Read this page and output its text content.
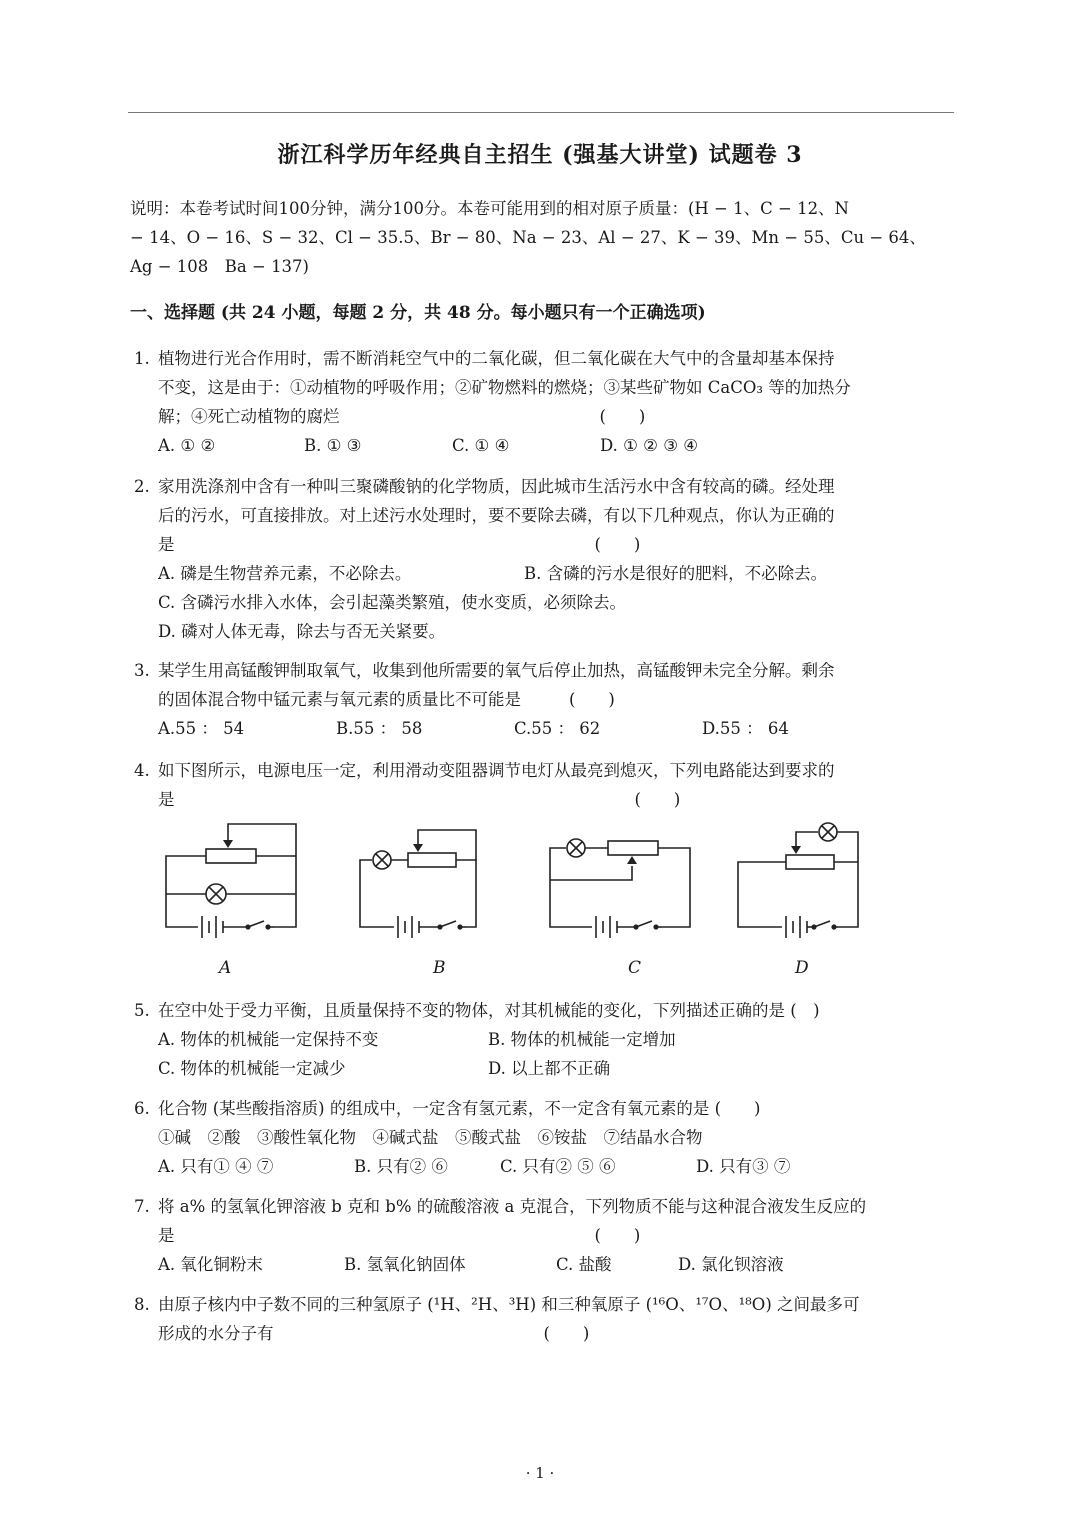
浙江科学历年经典自主招生 (强基大讲堂) 试题卷 3
说明：本卷考试时间100分钟，满分100分。本卷可能用到的相对原子质量：(H − 1、C − 12、N
− 14、O − 16、S − 32、Cl − 35.5、Br − 80、Na − 23、Al − 27、K − 39、Mn − 55、Cu − 64、
Ag − 108　Ba − 137)
一、选择题 (共 24 小题，每题 2 分，共 48 分。每小题只有一个正确选项)
1. 植物进行光合作用时，需不断消耗空气中的二氧化碳，但二氧化碳在大气中的含量却基本保持
不变，这是由于：①动植物的呼吸作用；②矿物燃料的燃烧；③某些矿物如 CaCO₃ 等的加热分
解；④死亡动植物的腐烂	(　　)
A. ① ②	B. ① ③	C. ① ④	D. ① ② ③ ④
2. 家用洗涤剂中含有一种叫三聚磷酸钠的化学物质，因此城市生活污水中含有较高的磷。经处理
后的污水，可直接排放。对上述污水处理时，要不要除去磷，有以下几种观点，你认为正确的
是	(　　)
A. 磷是生物营养元素，不必除去。	B. 含磷的污水是很好的肥料，不必除去。
C. 含磷污水排入水体，会引起藻类繁殖，使水变质，必须除去。
D. 磷对人体无毒，除去与否无关紧要。
3. 某学生用高锰酸钾制取氧气，收集到他所需要的氧气后停止加热，高锰酸钾未完全分解。剩余
的固体混合物中锰元素与氧元素的质量比不可能是	(　　)
A.55 ： 54	B.55 ： 58	C.55 ： 62	D.55 ： 64
4. 如下图所示，电源电压一定，利用滑动变阻器调节电灯从最亮到熄灭，下列电路能达到要求的
是	(　　)
A	B	C	D
5. 在空中处于受力平衡，且质量保持不变的物体，对其机械能的变化，下列描述正确的是 (　)
A. 物体的机械能一定保持不变	B. 物体的机械能一定增加
C. 物体的机械能一定减少	D. 以上都不正确
6. 化合物 (某些酸指溶质) 的组成中，一定含有氢元素，不一定含有氧元素的是 (　　)
①碱　②酸　③酸性氧化物　④碱式盐　⑤酸式盐　⑥铵盐　⑦结晶水合物
A. 只有① ④ ⑦	B. 只有② ⑥	C. 只有② ⑤ ⑥	D. 只有③ ⑦
7. 将 a% 的氢氧化钾溶液 b 克和 b% 的硫酸溶液 a 克混合，下列物质不能与这种混合液发生反应的
是	(　　)
A. 氧化铜粉末	B. 氢氧化钠固体	C. 盐酸	D. 氯化钡溶液
8. 由原子核内中子数不同的三种氢原子 (¹H、²H、³H) 和三种氧原子 (¹⁶O、¹⁷O、¹⁸O) 之间最多可
形成的水分子有	(　　)
· 1 ·
